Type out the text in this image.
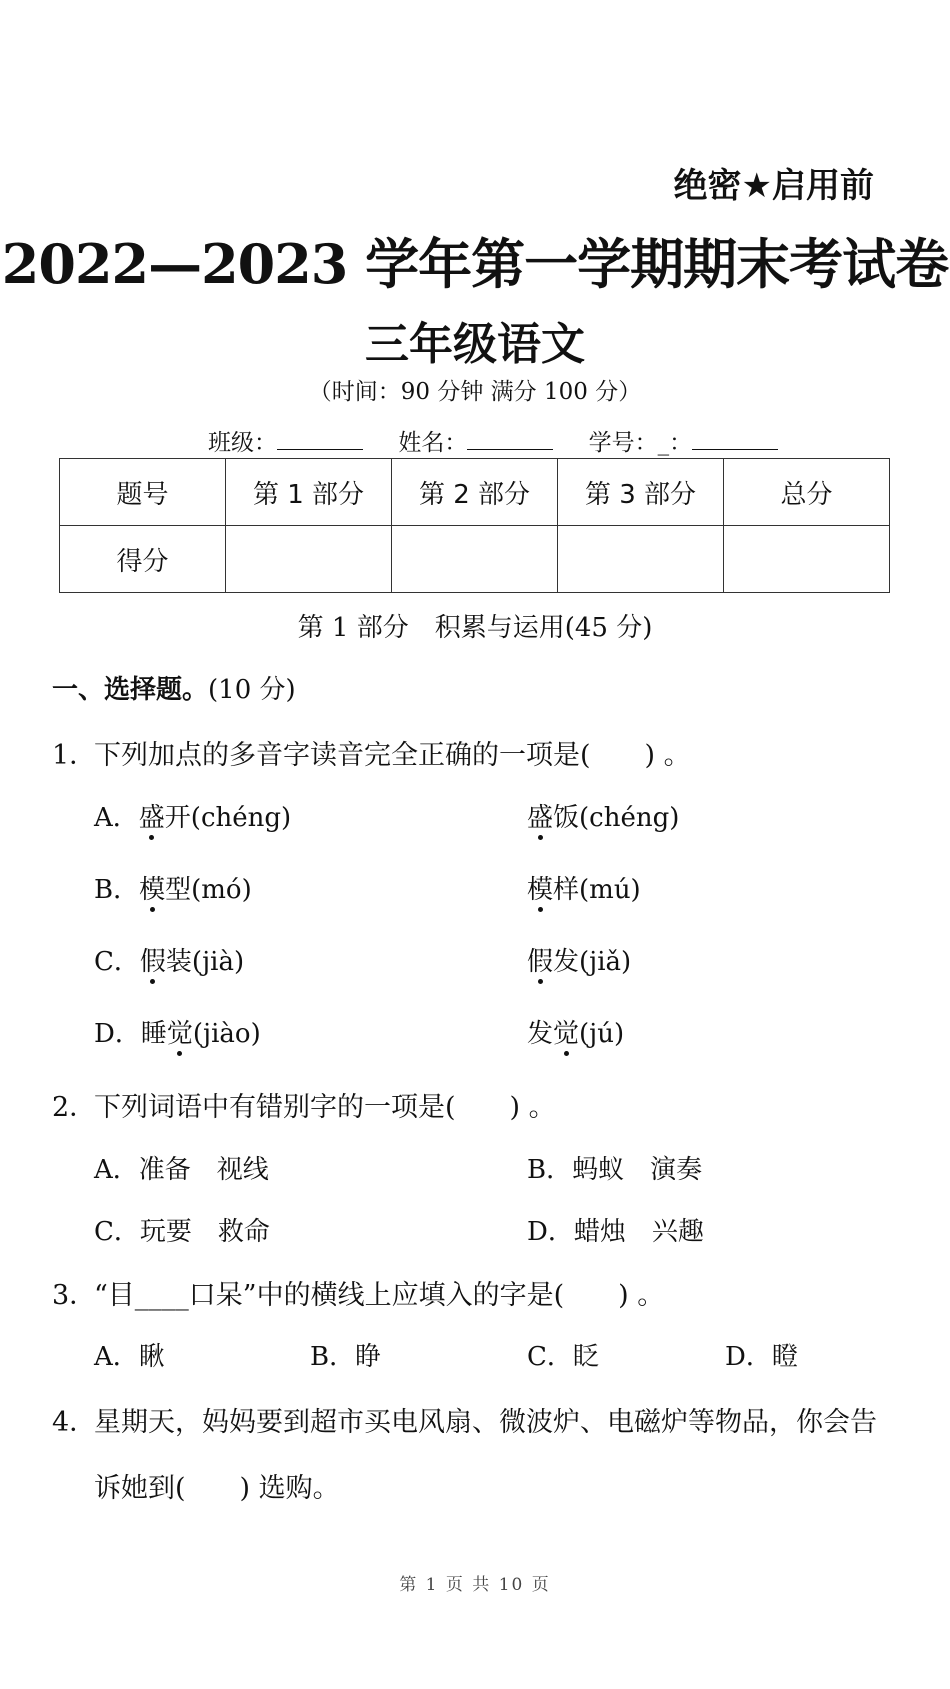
绝密★启用前
2022—2023 学年第一学期期末考试卷
三年级语文
（时间：90 分钟 满分 100 分）
班级：	姓名：	学号：_：
题号	第 1 部分	第 2 部分	第 3 部分	总分
得分				
第 1 部分　积累与运用(45 分)
一、选择题。(10 分)
1．下列加点的多音字读音完全正确的一项是(　　) 。
A．盛开(chéng)	盛饭(chéng)
B．模型(mó)	模样(mú)
C．假装(jià)	假发(jiǎ)
D．睡觉(jiào)	发觉(jú)
2．下列词语中有错别字的一项是(　　) 。
A．准备　视线	B．蚂蚁　演奏
C．玩要　救命	D．蜡烛　兴趣
3．“目____口呆”中的横线上应填入的字是(　　) 。
A．瞅	B．睁	C．眨	D．瞪
4．星期天，妈妈要到超市买电风扇、微波炉、电磁炉等物品，你会告
诉她到(　　) 选购。
第 1 页 共 10 页
